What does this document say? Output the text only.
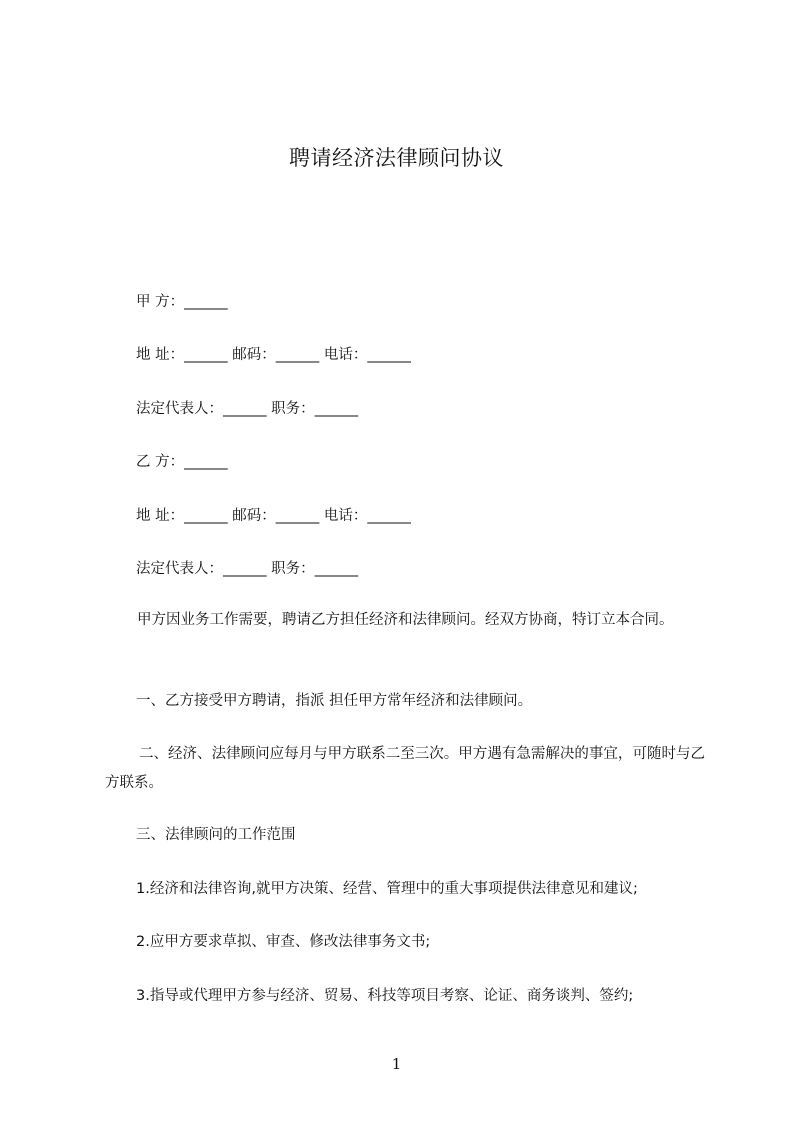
聘请经济法律顾问协议
甲 方：______
地 址：______ 邮码：______ 电话：______
法定代表人：______ 职务：______
乙 方：______
地 址：______ 邮码：______ 电话：______
法定代表人：______ 职务：______
甲方因业务工作需要，聘请乙方担任经济和法律顾问。经双方协商，特订立本合同。
一、乙方接受甲方聘请，指派 担任甲方常年经济和法律顾问。
二、经济、法律顾问应每月与甲方联系二至三次。甲方遇有急需解决的事宜，可随时与乙方联系。
三、法律顾问的工作范围
1.经济和法律咨询,就甲方决策、经营、管理中的重大事项提供法律意见和建议;
2.应甲方要求草拟、审查、修改法律事务文书;
3.指导或代理甲方参与经济、贸易、科技等项目考察、论证、商务谈判、签约;
1
